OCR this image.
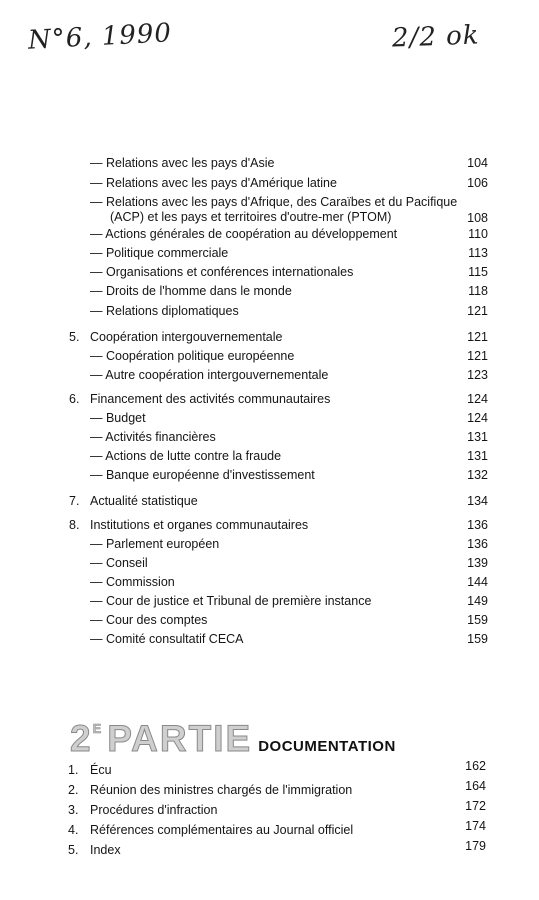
N°6, 1990	2/2 ok
— Relations avec les pays d'Asie	104
— Relations avec les pays d'Amérique latine	106
— Relations avec les pays d'Afrique, des Caraïbes et du Pacifique (ACP) et les pays et territoires d'outre-mer (PTOM)	108
— Actions générales de coopération au développement	110
— Politique commerciale	113
— Organisations et conférences internationales	115
— Droits de l'homme dans le monde	118
— Relations diplomatiques	121
5. Coopération intergouvernementale	121
— Coopération politique européenne	121
— Autre coopération intergouvernementale	123
6. Financement des activités communautaires	124
— Budget	124
— Activités financières	131
— Actions de lutte contre la fraude	131
— Banque européenne d'investissement	132
7. Actualité statistique	134
8. Institutions et organes communautaires	136
— Parlement européen	136
— Conseil	139
— Commission	144
— Cour de justice et Tribunal de première instance	149
— Cour des comptes	159
— Comité consultatif CECA	159
$2^E$ PARTIE DOCUMENTATION
1. Écu	162
2. Réunion des ministres chargés de l'immigration	164
3. Procédures d'infraction	172
4. Références complémentaires au Journal officiel	174
5. Index	179
